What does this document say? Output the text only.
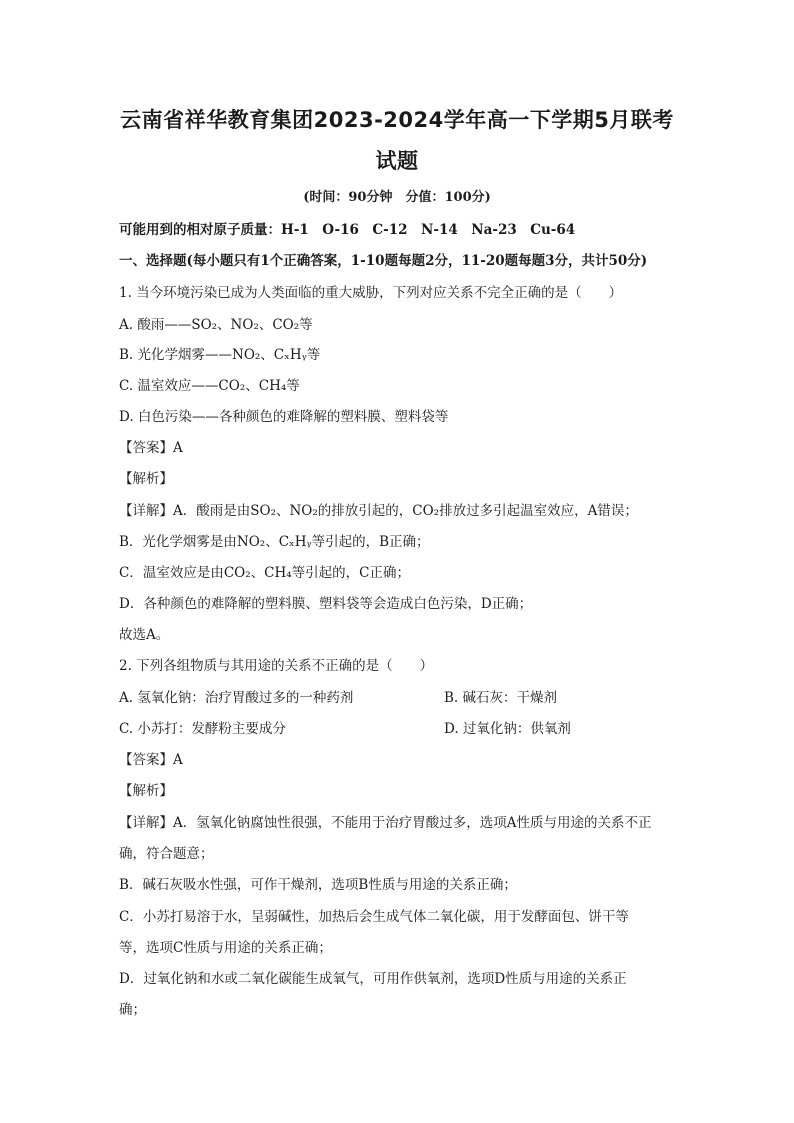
云南省祥华教育集团2023-2024学年高一下学期5月联考
试题
(时间：90分钟　分值：100分)
可能用到的相对原子质量：H-1　O-16　C-12　N-14　Na-23　Cu-64
一、选择题(每小题只有1个正确答案，1-10题每题2分，11-20题每题3分，共计50分)
1. 当今环境污染已成为人类面临的重大威胁，下列对应关系不完全正确的是（　　）
A. 酸雨——SO₂、NO₂、CO₂等
B. 光化学烟雾——NO₂、CₓHᵧ等
C. 温室效应——CO₂、CH₄等
D. 白色污染——各种颜色的难降解的塑料膜、塑料袋等
【答案】A
【解析】
【详解】A．酸雨是由SO₂、NO₂的排放引起的，CO₂排放过多引起温室效应，A错误；
B．光化学烟雾是由NO₂、CₓHᵧ等引起的，B正确；
C．温室效应是由CO₂、CH₄等引起的，C正确；
D．各种颜色的难降解的塑料膜、塑料袋等会造成白色污染，D正确；
故选A。
2. 下列各组物质与其用途的关系不正确的是（　　）
A. 氢氧化钠：治疗胃酸过多的一种药剂	B. 碱石灰：干燥剂
C. 小苏打：发酵粉主要成分	D. 过氧化钠：供氧剂
【答案】A
【解析】
【详解】A．氢氧化钠腐蚀性很强，不能用于治疗胃酸过多，选项A性质与用途的关系不正
确，符合题意；
B．碱石灰吸水性强，可作干燥剂，选项B性质与用途的关系正确；
C．小苏打易溶于水，呈弱碱性，加热后会生成气体二氧化碳，用于发酵面包、饼干等
等，选项C性质与用途的关系正确；
D．过氧化钠和水或二氧化碳能生成氧气，可用作供氧剂，选项D性质与用途的关系正
确；
